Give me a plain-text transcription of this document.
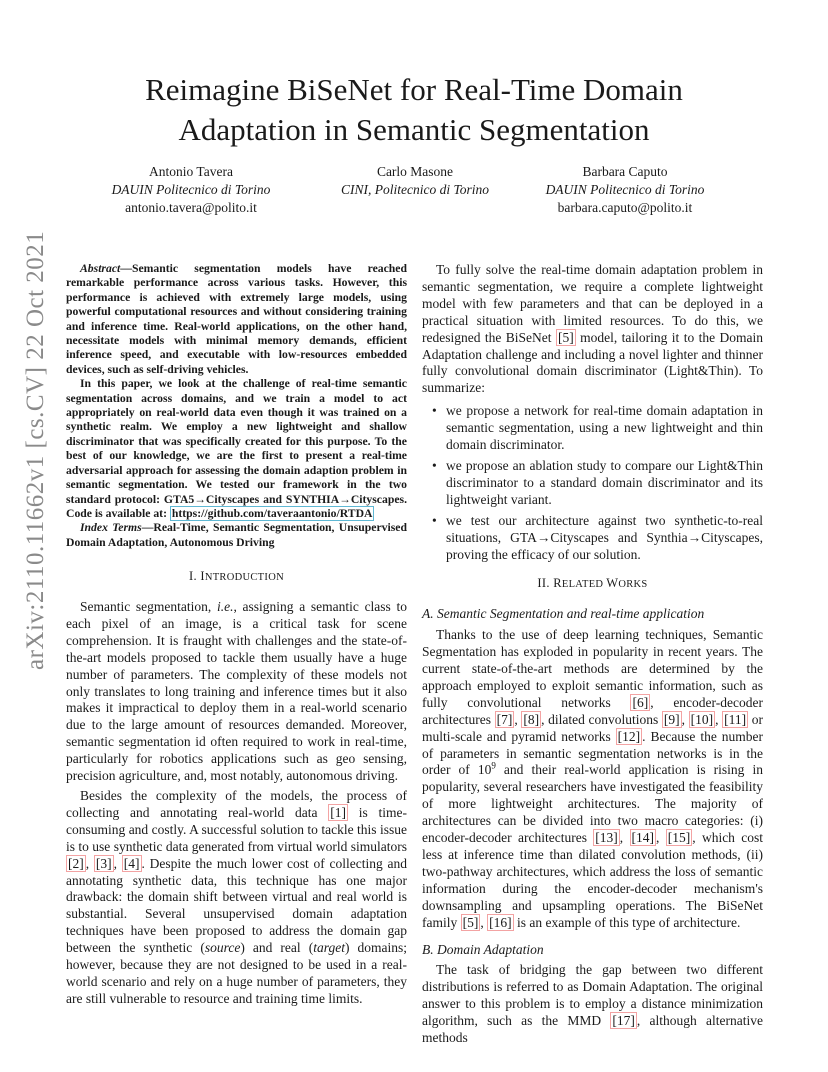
arXiv:2110.11662v1 [cs.CV] 22 Oct 2021
Reimagine BiSeNet for Real-Time Domain
Adaptation in Semantic Segmentation
Antonio Tavera
DAUIN Politecnico di Torino
antonio.tavera@polito.it
Carlo Masone
CINI, Politecnico di Torino
Barbara Caputo
DAUIN Politecnico di Torino
barbara.caputo@polito.it

Abstract—Semantic segmentation models have reached remarkable performance across various tasks. However, this performance is achieved with extremely large models, using powerful computational resources and without considering training and inference time. Real-world applications, on the other hand, necessitate models with minimal memory demands, efficient inference speed, and executable with low-resources embedded devices, such as self-driving vehicles.

In this paper, we look at the challenge of real-time semantic segmentation across domains, and we train a model to act appropriately on real-world data even though it was trained on a synthetic realm. We employ a new lightweight and shallow discriminator that was specifically created for this purpose. To the best of our knowledge, we are the first to present a real-time adversarial approach for assessing the domain adaption problem in semantic segmentation. We tested our framework in the two standard protocol: GTA5→Cityscapes and SYNTHIA→Cityscapes. Code is available at: https://github.com/taveraantonio/RTDA

Index Terms—Real-Time, Semantic Segmentation, Unsupervised Domain Adaptation, Autonomous Driving

I. INTRODUCTION

Semantic segmentation, i.e., assigning a semantic class to each pixel of an image, is a critical task for scene comprehension. It is fraught with challenges and the state-of-the-art models proposed to tackle them usually have a huge number of parameters. The complexity of these models not only translates to long training and inference times but it also makes it impractical to deploy them in a real-world scenario due to the large amount of resources demanded. Moreover, semantic segmentation id often required to work in real-time, particularly for robotics applications such as geo sensing, precision agriculture, and, most notably, autonomous driving.

Besides the complexity of the models, the process of collecting and annotating real-world data [1] is time-consuming and costly. A successful solution to tackle this issue is to use synthetic data generated from virtual world simulators [2] , [3] , [4] . Despite the much lower cost of collecting and annotating synthetic data, this technique has one major drawback: the domain shift between virtual and real world is substantial. Several unsupervised domain adaptation techniques have been proposed to address the domain gap between the synthetic (source) and real (target) domains; however, because they are not designed to be used in a real-world scenario and rely on a huge number of parameters, they are still vulnerable to resource and training time limits.

To fully solve the real-time domain adaptation problem in semantic segmentation, we require a complete lightweight model with few parameters and that can be deployed in a practical situation with limited resources. To do this, we redesigned the BiSeNet [5] model, tailoring it to the Domain Adaptation challenge and including a novel lighter and thinner fully convolutional domain discriminator (Light&Thin). To summarize:

• we propose a network for real-time domain adaptation in semantic segmentation, using a new lightweight and thin domain discriminator.
• we propose an ablation study to compare our Light&Thin discriminator to a standard domain discriminator and its lightweight variant.
• we test our architecture against two synthetic-to-real situations, GTA→Cityscapes and Synthia→Cityscapes, proving the efficacy of our solution.
II. RELATED WORKS
A. Semantic Segmentation and real-time application

Thanks to the use of deep learning techniques, Semantic Segmentation has exploded in popularity in recent years. The current state-of-the-art methods are determined by the approach employed to exploit semantic information, such as fully convolutional networks [6] , encoder-decoder architectures [7] , [8] , dilated convolutions [9] , [10] , [11] or multi-scale and pyramid networks [12] . Because the number of parameters in semantic segmentation networks is in the order of $10^9$ and their real-world application is rising in popularity, several researchers have investigated the feasibility of more lightweight architectures. The majority of architectures can be divided into two macro categories: (i) encoder-decoder architectures [13] , [14] , [15] , which cost less at inference time than dilated convolution methods, (ii) two-pathway architectures, which address the loss of semantic information during the encoder-decoder mechanism's downsampling and upsampling operations. The BiSeNet family [5] , [16] is an example of this type of architecture.

B. Domain Adaptation

The task of bridging the gap between two different distributions is referred to as Domain Adaptation. The original answer to this problem is to employ a distance minimization algorithm, such as the MMD [17] , although alternative methods
